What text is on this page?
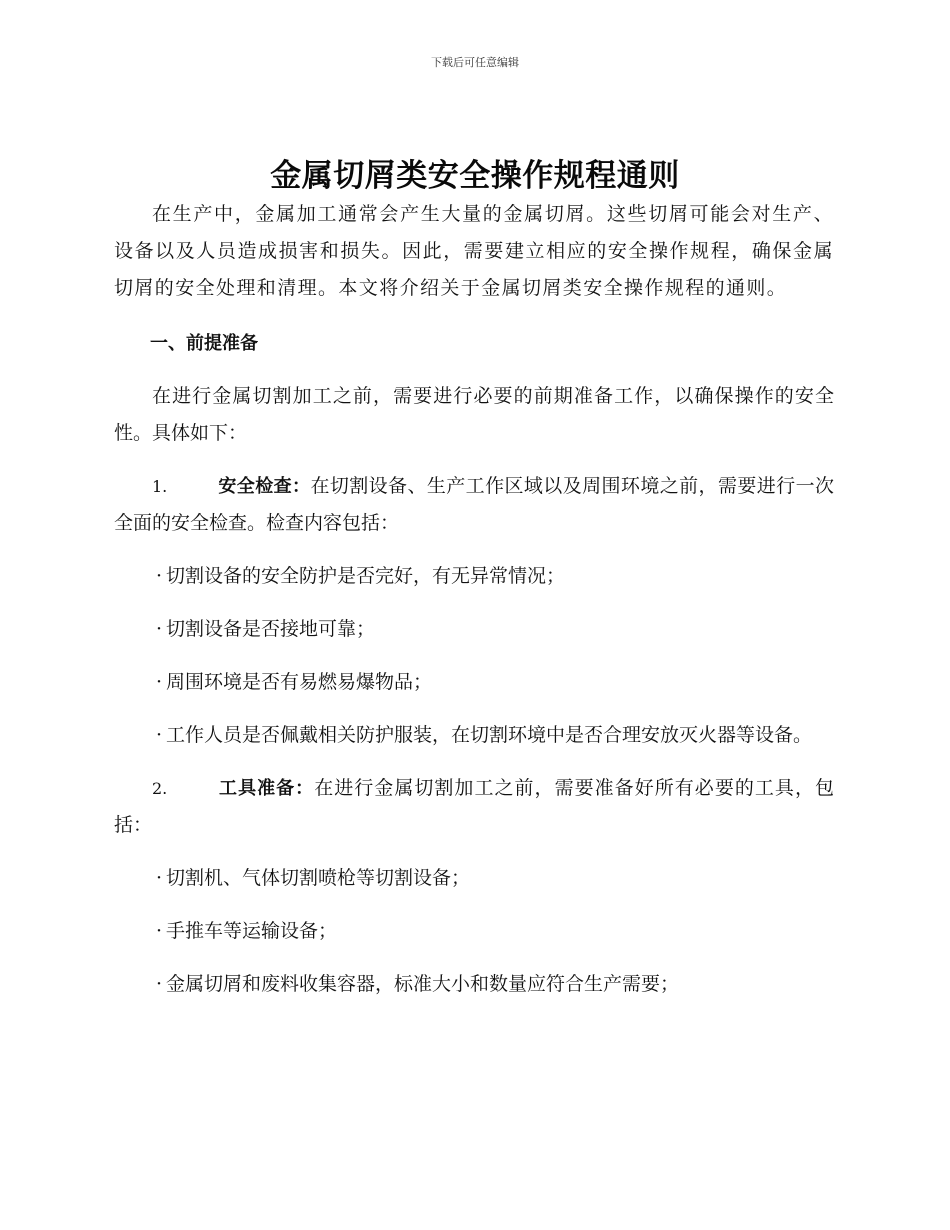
下载后可任意编辑
金属切屑类安全操作规程通则

在生产中，金属加工通常会产生大量的金属切屑。这些切屑可能会对生产、设备以及人员造成损害和损失。因此，需要建立相应的安全操作规程，确保金属切屑的安全处理和清理。本文将介绍关于金属切屑类安全操作规程的通则。

一、前提准备

在进行金属切割加工之前，需要进行必要的前期准备工作，以确保操作的安全性。具体如下：

1.	安全检查：在切割设备、生产工作区域以及周围环境之前，需要进行一次全面的安全检查。检查内容包括：

· 切割设备的安全防护是否完好，有无异常情况；

· 切割设备是否接地可靠；

· 周围环境是否有易燃易爆物品；

· 工作人员是否佩戴相关防护服装，在切割环境中是否合理安放灭火器等设备。

2.	工具准备：在进行金属切割加工之前，需要准备好所有必要的工具，包括：

· 切割机、气体切割喷枪等切割设备；

· 手推车等运输设备；

· 金属切屑和废料收集容器，标准大小和数量应符合生产需要；
